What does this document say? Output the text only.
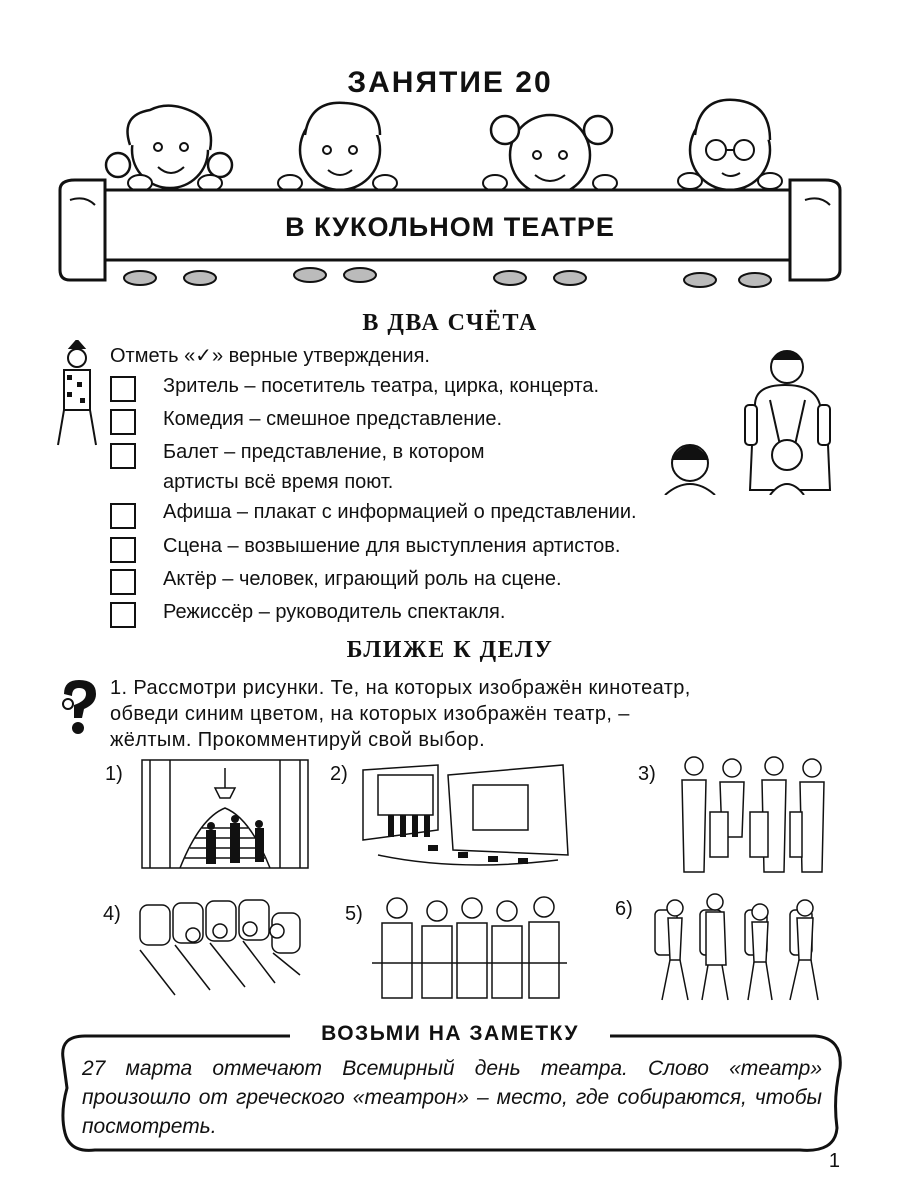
ЗАНЯТИЕ 20
В КУКОЛЬНОМ ТЕАТРЕ
В ДВА СЧЁТА
Отметь «✓» верные утверждения.
Зритель – посетитель театра, цирка, концерта.
Комедия – смешное представление.
Балет – представление, в котором
артисты всё время поют.
Афиша – плакат с информацией о представлении.
Сцена – возвышение для выступления артистов.
Актёр – человек, играющий роль на сцене.
Режиссёр – руководитель спектакля.
БЛИЖЕ К ДЕЛУ
1. Рассмотри рисунки. Те, на которых изображён кинотеатр,
обведи синим цветом, на которых изображён театр, –
жёлтым. Прокомментируй свой выбор.
1)	2)	3)
4)	5)	6)
ВОЗЬМИ НА ЗАМЕТКУ
27 марта отмечают Всемирный день театра. Слово «театр» произошло от греческого «театрон» – место, где собираются, чтобы посмотреть.
1
